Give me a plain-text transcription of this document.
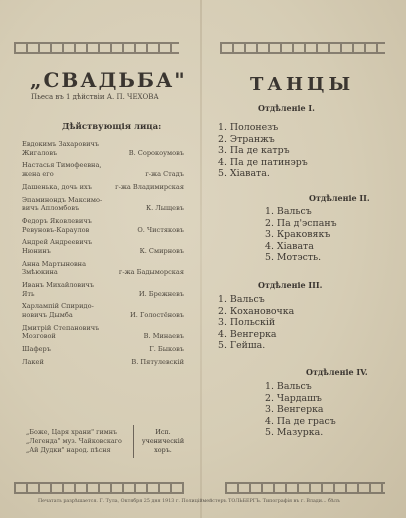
„СВАДЬБА"
Пьеса въ 1 дѣйствіи А. П. ЧЕХОВА
Дѣйствующія лица:
Евдокимъ Захаровичъ
Жигаловъ	В. Сорокоумовъ
Настасья Тимофеевна,
жена его	г-жа Стадъ
Дашенька, дочь ихъ	г-жа Владимирская
Эпаминондъ Максимо-
вичъ Апломбовъ	К. Лыщевъ
Федоръ Яковлевичъ
Ревуновъ-Караулов	О. Чистяковъ
Андрей Андреевичъ
Нюнинъ	К. Смирновъ
Анна Мартыновна
Змѣюкина	г-жа Бадыморская
Иванъ Михайловичъ
Ять	И. Брежневъ
Харлампій Спиридо-
новичъ Дымба	И. Голостёновъ
Дмитрій Степановичъ
Мозговой	В. Минаевъ
Шаферъ	Г. Быковъ
Лакей	В. Пятулевскій
„Боже, Царя храни" гимнъ
„Легенда" муз. Чайковскаго
„Ай Дудки" народ. пѣсня
Исп. ученическій хоръ.
Печатать разрѣшается. Г. Тула, Октября 25 дня 1913 г. Полиціймейстеръ ТОЛЬБЕРГЪ. Типографія въ г. Влади... бѣлъ
ТАНЦЫ
Отдѣленіе I.
1. Полонезъ
2. Этранжъ
3. Па де катръ
4. Па де патинэръ
5. Хіавата.
Отдѣленіе II.
1. Вальсъ
2. Па д'эспанъ
3. Краковякъ
4. Хіавата
5. Мотэсть.
Отдѣленіе III.
1. Вальсъ
2. Кохановочка
3. Польскій
4. Венгерка
5. Гейша.
Отдѣленіе IV.
1. Вальсъ
2. Чардашъ
3. Венгерка
4. Па де грасъ
5. Мазурка.
